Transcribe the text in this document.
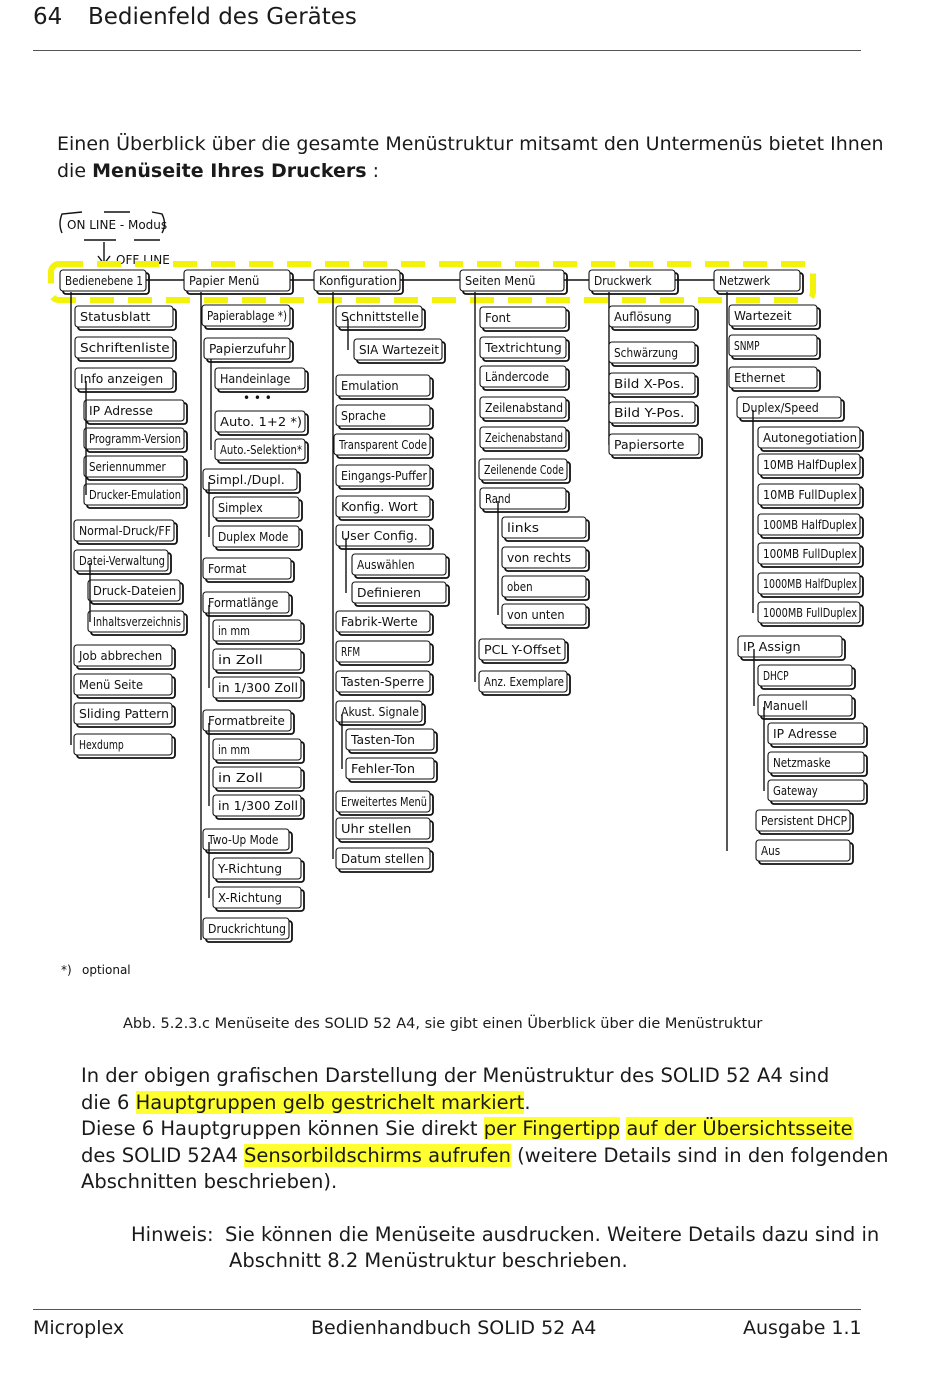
64 Bedienfeld des Gerätes
Einen Überblick über die gesamte Menüstruktur mitsamt den Untermenüs bietet Ihnen
die Menüseite Ihres Druckers :
ON LINE - Modus
OFF LINE
Bedienebene 1
Statusblatt
Schriftenliste
Info anzeigen
IP Adresse
Programm-Version
Seriennummer
Drucker-Emulation
Normal-Druck/FF
Datei-Verwaltung
Druck-Dateien
Inhaltsverzeichnis
Job abbrechen
Menü Seite
Sliding Pattern
Hexdump
Papier Menü
Papierablage *)
Papierzufuhr
Handeinlage
• • •
Auto. 1+2 *)
Auto.-Selektion*
Simpl./Dupl.
Simplex
Duplex Mode
Format
Formatlänge
in mm
in Zoll
in 1/300 Zoll
Formatbreite
in mm
in Zoll
in 1/300 Zoll
Two-Up Mode
Y-Richtung
X-Richtung
Druckrichtung
Konfiguration
Schnittstelle
SIA Wartezeit
Emulation
Sprache
Transparent Code
Eingangs-Puffer
Konfig. Wort
User Config.
Auswählen
Definieren
Fabrik-Werte
RFM
Tasten-Sperre
Akust. Signale
Tasten-Ton
Fehler-Ton
Erweitertes Menü
Uhr stellen
Datum stellen
Seiten Menü
Font
Textrichtung
Ländercode
Zeilenabstand
Zeichenabstand
Zeilenende Code
Rand
links
von rechts
oben
von unten
PCL Y-Offset
Anz. Exemplare
Druckwerk
Auflösung
Schwärzung
Bild X-Pos.
Bild Y-Pos.
Papiersorte
Netzwerk
Wartezeit
SNMP
Ethernet
Duplex/Speed
Autonegotiation
10MB HalfDuplex
10MB FullDuplex
100MB HalfDuplex
100MB FullDuplex
1000MB HalfDuplex
1000MB FullDuplex
IP Assign
DHCP
Manuell
IP Adresse
Netzmaske
Gateway
Persistent DHCP
Aus
*) optional
Abb. 5.2.3.c Menüseite des SOLID 52 A4, sie gibt einen Überblick über die Menüstruktur
In der obigen grafischen Darstellung der Menüstruktur des SOLID 52 A4 sind
die 6 Hauptgruppen gelb gestrichelt markiert.
Diese 6 Hauptgruppen können Sie direkt per Fingertipp auf der Übersichtsseite
des SOLID 52A4 Sensorbildschirms aufrufen (weitere Details sind in den folgenden
Abschnitten beschrieben).
Hinweis: Sie können die Menüseite ausdrucken. Weitere Details dazu sind in
Abschnitt 8.2 Menüstruktur beschrieben.
Microplex	Bedienhandbuch SOLID 52 A4	Ausgabe 1.1
